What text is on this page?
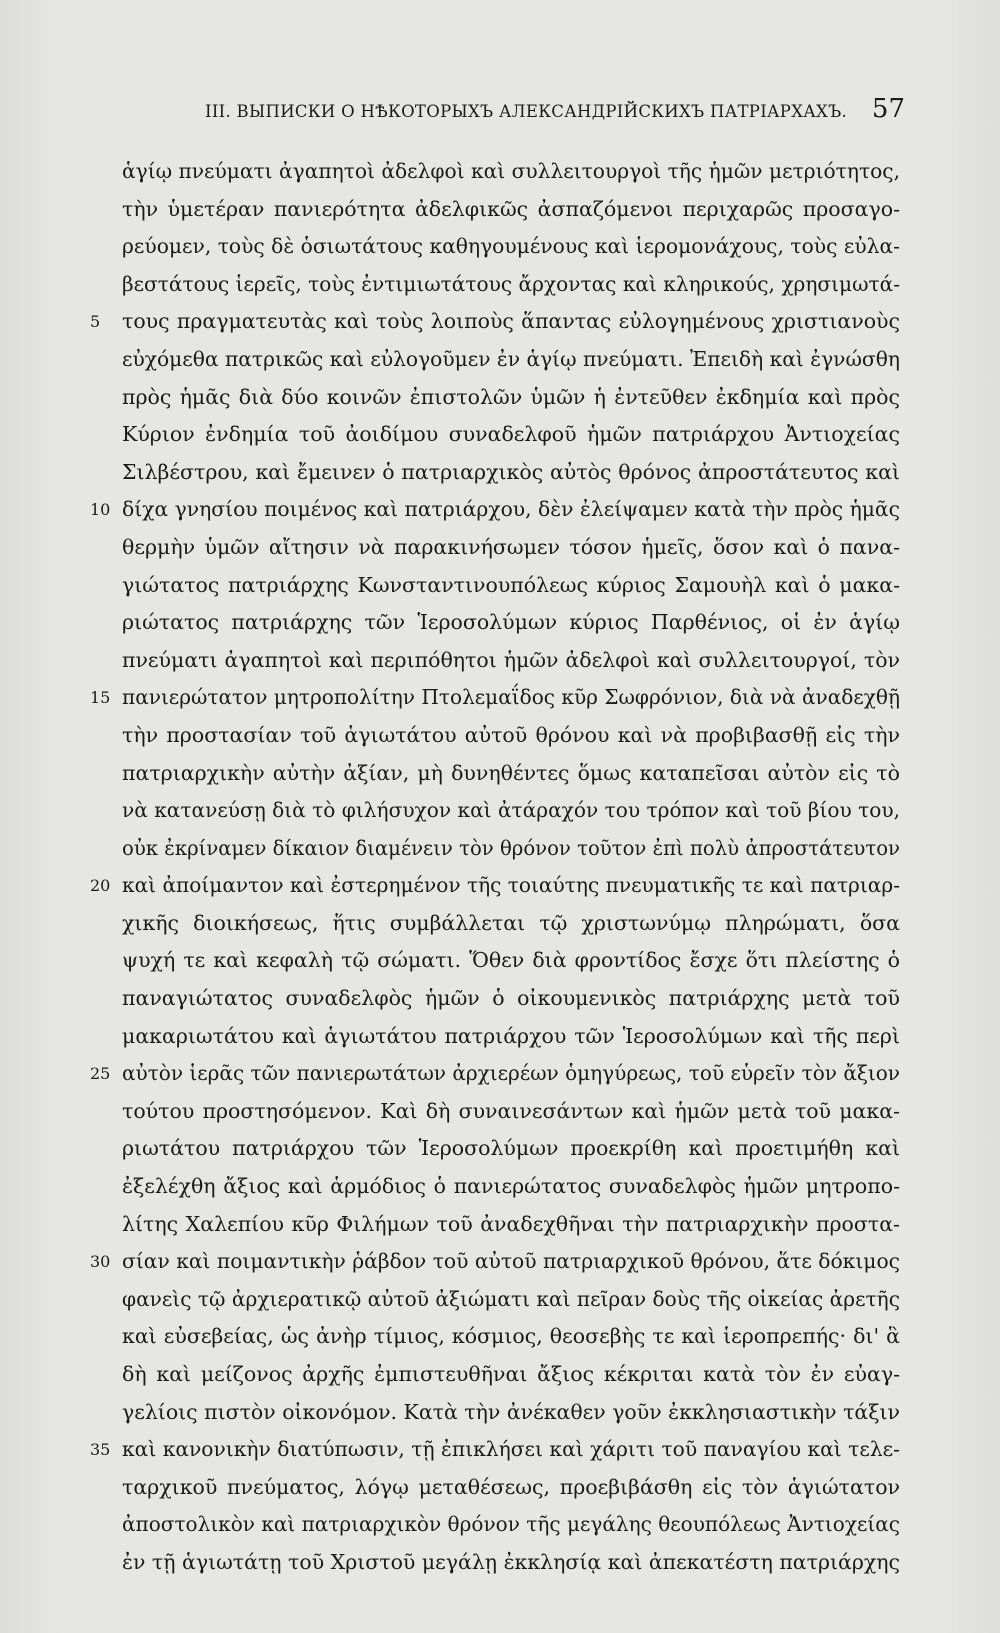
III. ВЫПИСКИ О НѢКОТОРЫХЪ АЛЕКСАНДРІЙСКИХЪ ПАТРІАРХАХЪ. 57
ἁγίῳ πνεύματι ἀγαπητοὶ ἀδελφοὶ καὶ συλλειτουργοὶ τῆς ἡμῶν μετριότητος,
τὴν ὑμετέραν πανιερότητα ἀδελφικῶς ἀσπαζόμενοι περιχαρῶς προσαγο-
ρεύομεν, τοὺς δὲ ὁσιωτάτους καθηγουμένους καὶ ἱερομονάχους, τοὺς εὐλα-
βεστάτους ἱερεῖς, τοὺς ἐντιμιωτάτους ἄρχοντας καὶ κληρικούς, χρησιμωτά-
τους πραγματευτὰς καὶ τοὺς λοιποὺς ἅπαντας εὐλογημένους χριστιανοὺς
εὐχόμεθα πατρικῶς καὶ εὐλογοῦμεν ἐν ἁγίῳ πνεύματι. Ἐπειδὴ καὶ ἐγνώσθη
πρὸς ἡμᾶς διὰ δύο κοινῶν ἐπιστολῶν ὑμῶν ἡ ἐντεῦθεν ἐκδημία καὶ πρὸς
Κύριον ἐνδημία τοῦ ἀοιδίμου συναδελφοῦ ἡμῶν πατριάρχου Ἀντιοχείας
Σιλβέστρου, καὶ ἔμεινεν ὁ πατριαρχικὸς αὐτὸς θρόνος ἀπροστάτευτος καὶ
δίχα γνησίου ποιμένος καὶ πατριάρχου, δὲν ἐλείψαμεν κατὰ τὴν πρὸς ἡμᾶς
θερμὴν ὑμῶν αἴτησιν νὰ παρακινήσωμεν τόσον ἡμεῖς, ὅσον καὶ ὁ πανα-
γιώτατος πατριάρχης Κωνσταντινουπόλεως κύριος Σαμουὴλ καὶ ὁ μακα-
ριώτατος πατριάρχης τῶν Ἱεροσολύμων κύριος Παρθένιος, οἱ ἐν ἁγίῳ
πνεύματι ἀγαπητοὶ καὶ περιπόθητοι ἡμῶν ἀδελφοὶ καὶ συλλειτουργοί, τὸν
πανιερώτατον μητροπολίτην Πτολεμαΐδος κῦρ Σωφρόνιον, διὰ νὰ ἀναδεχθῇ
τὴν προστασίαν τοῦ ἁγιωτάτου αὐτοῦ θρόνου καὶ νὰ προβιβασθῇ εἰς τὴν
πατριαρχικὴν αὐτὴν ἀξίαν, μὴ δυνηθέντες ὅμως καταπεῖσαι αὐτὸν εἰς τὸ
νὰ κατανεύσῃ διὰ τὸ φιλήσυχον καὶ ἀτάραχόν του τρόπον καὶ τοῦ βίου του,
οὐκ ἐκρίναμεν δίκαιον διαμένειν τὸν θρόνον τοῦτον ἐπὶ πολὺ ἀπροστάτευτον
καὶ ἀποίμαντον καὶ ἐστερημένον τῆς τοιαύτης πνευματικῆς τε καὶ πατριαρ-
χικῆς διοικήσεως, ἥτις συμβάλλεται τῷ χριστωνύμῳ πληρώματι, ὅσα
ψυχή τε καὶ κεφαλὴ τῷ σώματι. Ὅθεν διὰ φροντίδος ἔσχε ὅτι πλείστης ὁ
παναγιώτατος συναδελφὸς ἡμῶν ὁ οἰκουμενικὸς πατριάρχης μετὰ τοῦ
μακαριωτάτου καὶ ἁγιωτάτου πατριάρχου τῶν Ἱεροσολύμων καὶ τῆς περὶ
αὐτὸν ἱερᾶς τῶν πανιερωτάτων ἀρχιερέων ὁμηγύρεως, τοῦ εὑρεῖν τὸν ἄξιον
τούτου προστησόμενον. Καὶ δὴ συναινεσάντων καὶ ἡμῶν μετὰ τοῦ μακα-
ριωτάτου πατριάρχου τῶν Ἱεροσολύμων προεκρίθη καὶ προετιμήθη καὶ
ἐξελέχθη ἄξιος καὶ ἁρμόδιος ὁ πανιερώτατος συναδελφὸς ἡμῶν μητροπο-
λίτης Χαλεπίου κῦρ Φιλήμων τοῦ ἀναδεχθῆναι τὴν πατριαρχικὴν προστα-
σίαν καὶ ποιμαντικὴν ῥάβδον τοῦ αὐτοῦ πατριαρχικοῦ θρόνου, ἅτε δόκιμος
φανεὶς τῷ ἀρχιερατικῷ αὐτοῦ ἀξιώματι καὶ πεῖραν δοὺς τῆς οἰκείας ἀρετῆς
καὶ εὐσεβείας, ὡς ἀνὴρ τίμιος, κόσμιος, θεοσεβὴς τε καὶ ἱεροπρεπής· δι' ἃ
δὴ καὶ μείζονος ἀρχῆς ἐμπιστευθῆναι ἄξιος κέκριται κατὰ τὸν ἐν εὐαγ-
γελίοις πιστὸν οἰκονόμον. Κατὰ τὴν ἀνέκαθεν γοῦν ἐκκλησιαστικὴν τάξιν
καὶ κανονικὴν διατύπωσιν, τῇ ἐπικλήσει καὶ χάριτι τοῦ παναγίου καὶ τελε-
ταρχικοῦ πνεύματος, λόγῳ μεταθέσεως, προεβιβάσθη εἰς τὸν ἁγιώτατον
ἀποστολικὸν καὶ πατριαρχικὸν θρόνον τῆς μεγάλης θεουπόλεως Ἀντιοχείας
ἐν τῇ ἁγιωτάτῃ τοῦ Χριστοῦ μεγάλῃ ἐκκλησίᾳ καὶ ἀπεκατέστη πατριάρχης
5
10
15
20
25
30
35
